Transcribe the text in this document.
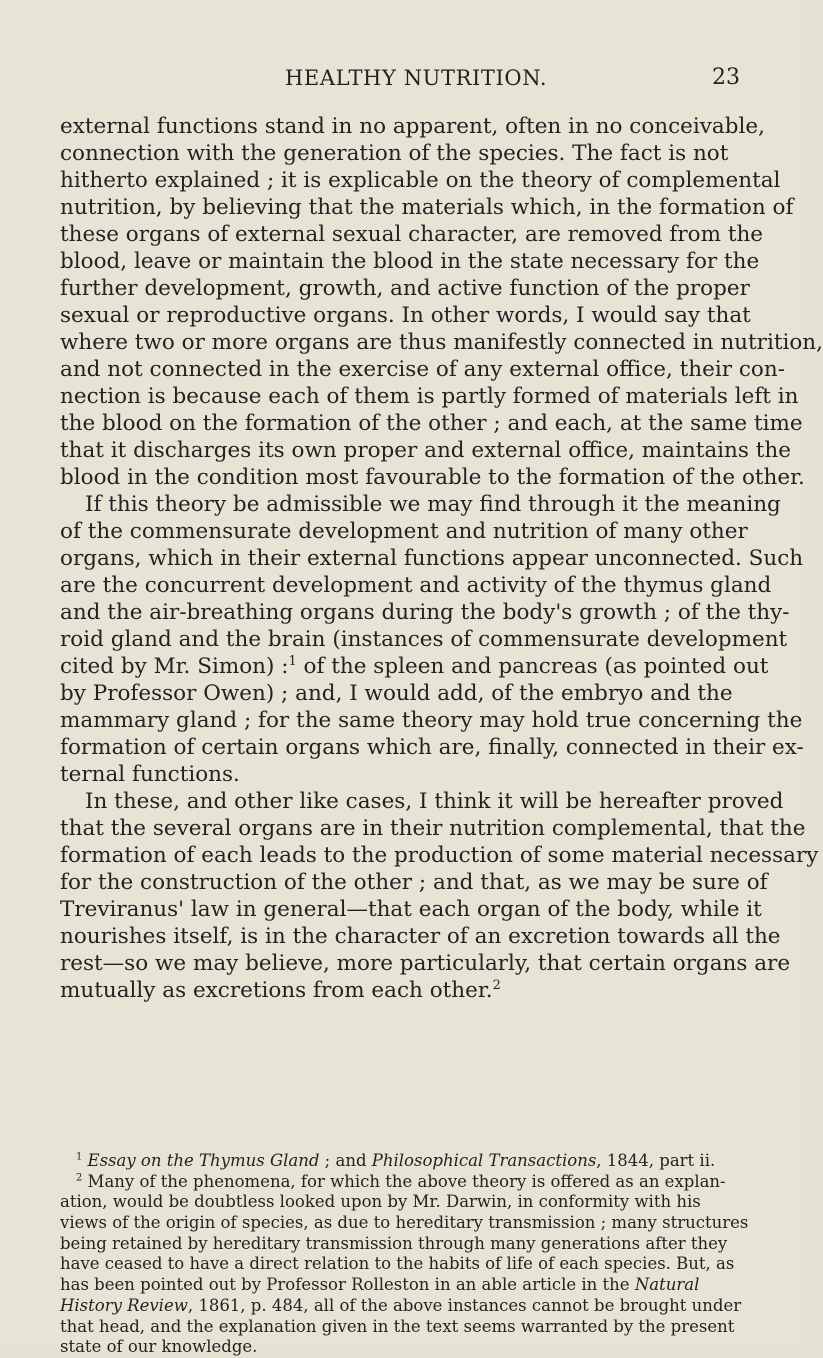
HEALTHY NUTRITION.	23
external functions stand in no apparent, often in no conceivable,
connection with the generation of the species. The fact is not
hitherto explained ; it is explicable on the theory of complemental
nutrition, by believing that the materials which, in the formation of
these organs of external sexual character, are removed from the
blood, leave or maintain the blood in the state necessary for the
further development, growth, and active function of the proper
sexual or reproductive organs. In other words, I would say that
where two or more organs are thus manifestly connected in nutrition,
and not connected in the exercise of any external office, their con-
nection is because each of them is partly formed of materials left in
the blood on the formation of the other ; and each, at the same time
that it discharges its own proper and external office, maintains the
blood in the condition most favourable to the formation of the other.
If this theory be admissible we may find through it the meaning
of the commensurate development and nutrition of many other
organs, which in their external functions appear unconnected. Such
are the concurrent development and activity of the thymus gland
and the air-breathing organs during the body's growth ; of the thy-
roid gland and the brain (instances of commensurate development
cited by Mr. Simon) :$^1$ of the spleen and pancreas (as pointed out
by Professor Owen) ; and, I would add, of the embryo and the
mammary gland ; for the same theory may hold true concerning the
formation of certain organs which are, finally, connected in their ex-
ternal functions.
In these, and other like cases, I think it will be hereafter proved
that the several organs are in their nutrition complemental, that the
formation of each leads to the production of some material necessary
for the construction of the other ; and that, as we may be sure of
Treviranus' law in general—that each organ of the body, while it
nourishes itself, is in the character of an excretion towards all the
rest—so we may believe, more particularly, that certain organs are
mutually as excretions from each other.$^2$
$^1$ Essay on the Thymus Gland ; and Philosophical Transactions, 1844, part ii.
$^2$ Many of the phenomena, for which the above theory is offered as an explan-
ation, would be doubtless looked upon by Mr. Darwin, in conformity with his
views of the origin of species, as due to hereditary transmission ; many structures
being retained by hereditary transmission through many generations after they
have ceased to have a direct relation to the habits of life of each species. But, as
has been pointed out by Professor Rolleston in an able article in the Natural
History Review, 1861, p. 484, all of the above instances cannot be brought under
that head, and the explanation given in the text seems warranted by the present
state of our knowledge.
